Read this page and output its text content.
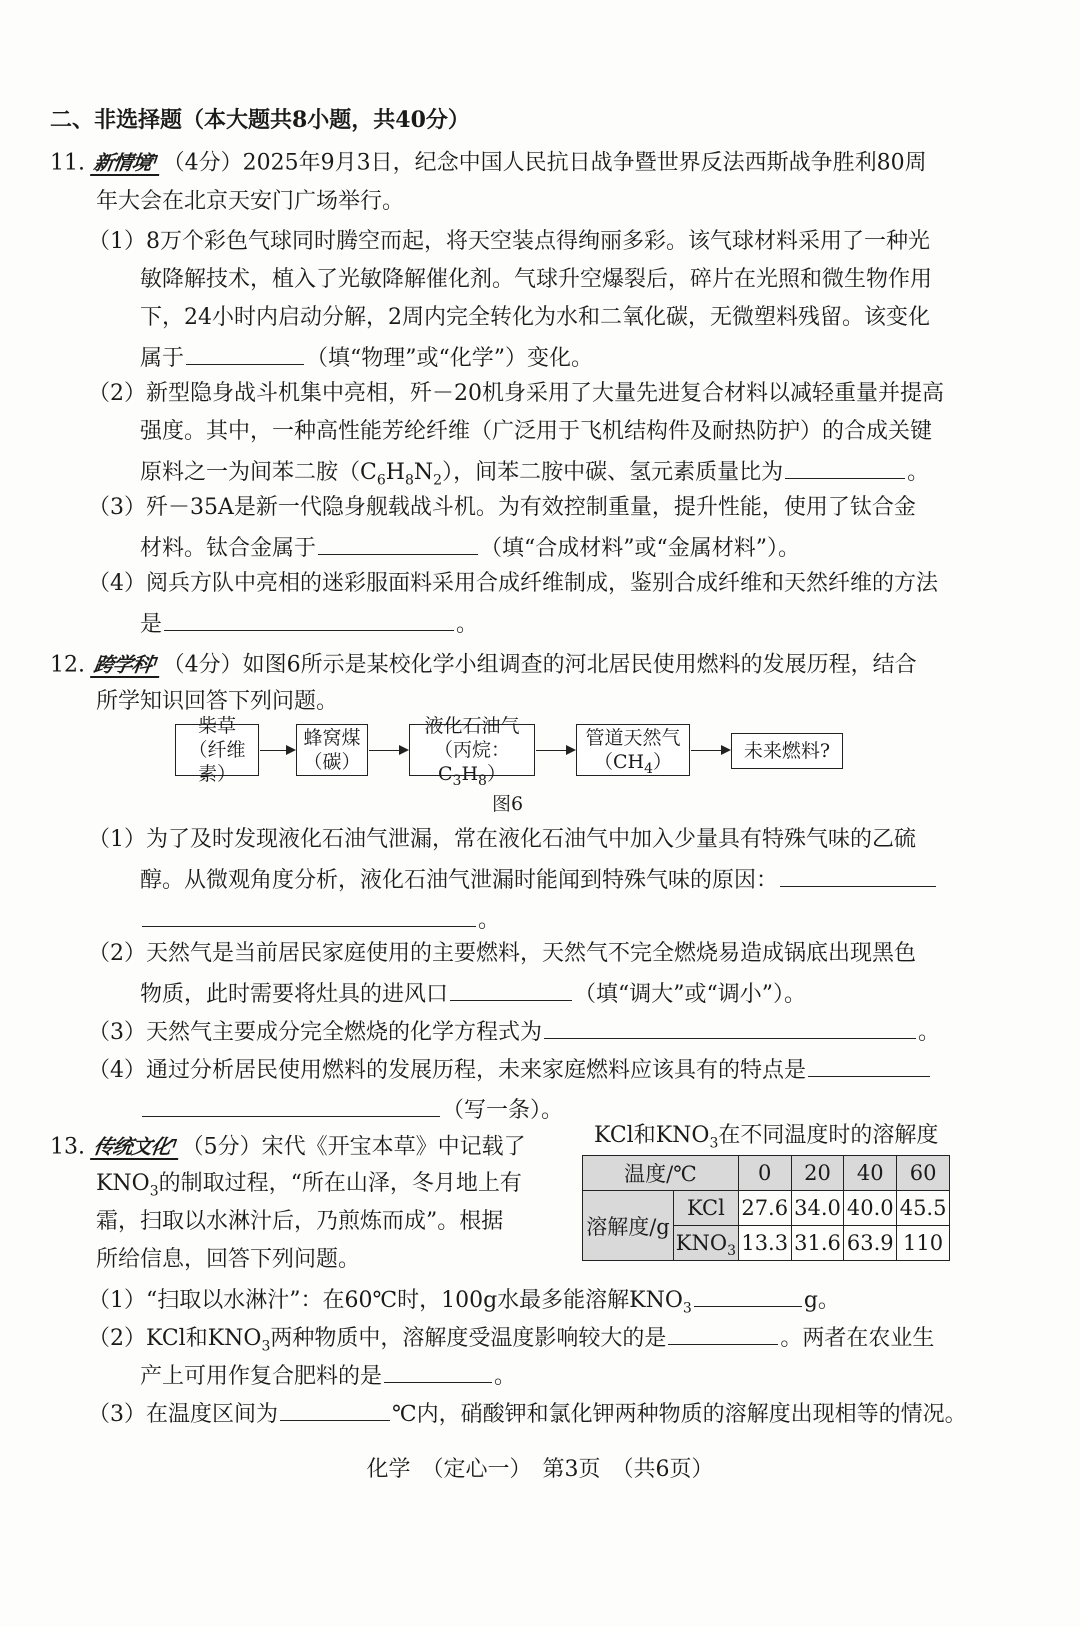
二、非选择题（本大题共8小题，共40分）
11. 新情境⁊ （4分）2025年9月3日，纪念中国人民抗日战争暨世界反法西斯战争胜利80周
年大会在北京天安门广场举行。
（1）8万个彩色气球同时腾空而起，将天空装点得绚丽多彩。该气球材料采用了一种光
敏降解技术，植入了光敏降解催化剂。气球升空爆裂后，碎片在光照和微生物作用
下，24小时内启动分解，2周内完全转化为水和二氧化碳，无微塑料残留。该变化
属于	（填“物理”或“化学”）变化。
（2）新型隐身战斗机集中亮相，歼－20机身采用了大量先进复合材料以减轻重量并提高
强度。其中，一种高性能芳纶纤维（广泛用于飞机结构件及耐热防护）的合成关键
原料之一为间苯二胺$(C_6H_8N_2)$，间苯二胺中碳、氢元素质量比为	。
（3）歼－35A是新一代隐身舰载战斗机。为有效控制重量，提升性能，使用了钛合金
材料。钛合金属于	（填“合成材料”或“金属材料”）。
（4）阅兵方队中亮相的迷彩服面料采用合成纤维制成，鉴别合成纤维和天然纤维的方法
是	。
12. 跨学科⁊ （4分）如图6所示是某校化学小组调查的河北居民使用燃料的发展历程，结合
所学知识回答下列问题。
柴草
（纤维素）
蜂窝煤
（碳）
液化石油气
（丙烷：$C_3H_8$）
管道天然气
$(CH_4)$	未来燃料?
图6
（1）为了及时发现液化石油气泄漏，常在液化石油气中加入少量具有特殊气味的乙硫
醇。从微观角度分析，液化石油气泄漏时能闻到特殊气味的原因：
。
（2）天然气是当前居民家庭使用的主要燃料，天然气不完全燃烧易造成锅底出现黑色
物质，此时需要将灶具的进风口	（填“调大”或“调小”）。
（3）天然气主要成分完全燃烧的化学方程式为	。
（4）通过分析居民使用燃料的发展历程，未来家庭燃料应该具有的特点是
（写一条）。
13. 传统文化⁊ （5分）宋代《开宝本草》中记载了
$KNO_3$的制取过程，“所在山泽，冬月地上有
霜，扫取以水淋汁后，乃煎炼而成”。根据
所给信息，回答下列问题。
KCl和$KNO_3$在不同温度时的溶解度
温度/℃		0	20	40	60
溶解度/g	KCl	27.6	34.0	40.0	45.5
	$KNO_3$	13.3	31.6	63.9	110
（1）“扫取以水淋汁”：在60℃时，100g水最多能溶解$KNO_3$	g。
（2）KCl和$KNO_3$两种物质中，溶解度受温度影响较大的是	。两者在农业生
产上可用作复合肥料的是	。
（3）在温度区间为	℃内，硝酸钾和氯化钾两种物质的溶解度出现相等的情况。
化学　（定心一）　第3页　（共6页）
